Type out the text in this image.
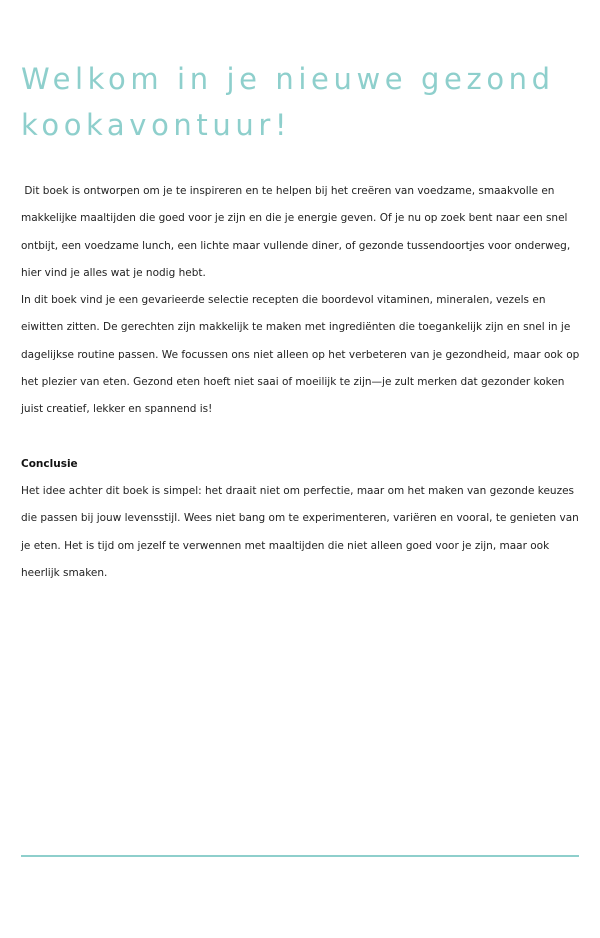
Welkom in je nieuwe gezond kookavontuur!

Dit boek is ontworpen om je te inspireren en te helpen bij het creëren van voedzame, smaakvolle en makkelijke maaltijden die goed voor je zijn en die je energie geven. Of je nu op zoek bent naar een snel ontbijt, een voedzame lunch, een lichte maar vullende diner, of gezonde tussendoortjes voor onderweg, hier vind je alles wat je nodig hebt.

In dit boek vind je een gevarieerde selectie recepten die boordevol vitaminen, mineralen, vezels en eiwitten zitten. De gerechten zijn makkelijk te maken met ingrediënten die toegankelijk zijn en snel in je dagelijkse routine passen. We focussen ons niet alleen op het verbeteren van je gezondheid, maar ook op het plezier van eten. Gezond eten hoeft niet saai of moeilijk te zijn—je zult merken dat gezonder koken juist creatief, lekker en spannend is!

Conclusie

Het idee achter dit boek is simpel: het draait niet om perfectie, maar om het maken van gezonde keuzes die passen bij jouw levensstijl. Wees niet bang om te experimenteren, variëren en vooral, te genieten van je eten. Het is tijd om jezelf te verwennen met maaltijden die niet alleen goed voor je zijn, maar ook heerlijk smaken.
